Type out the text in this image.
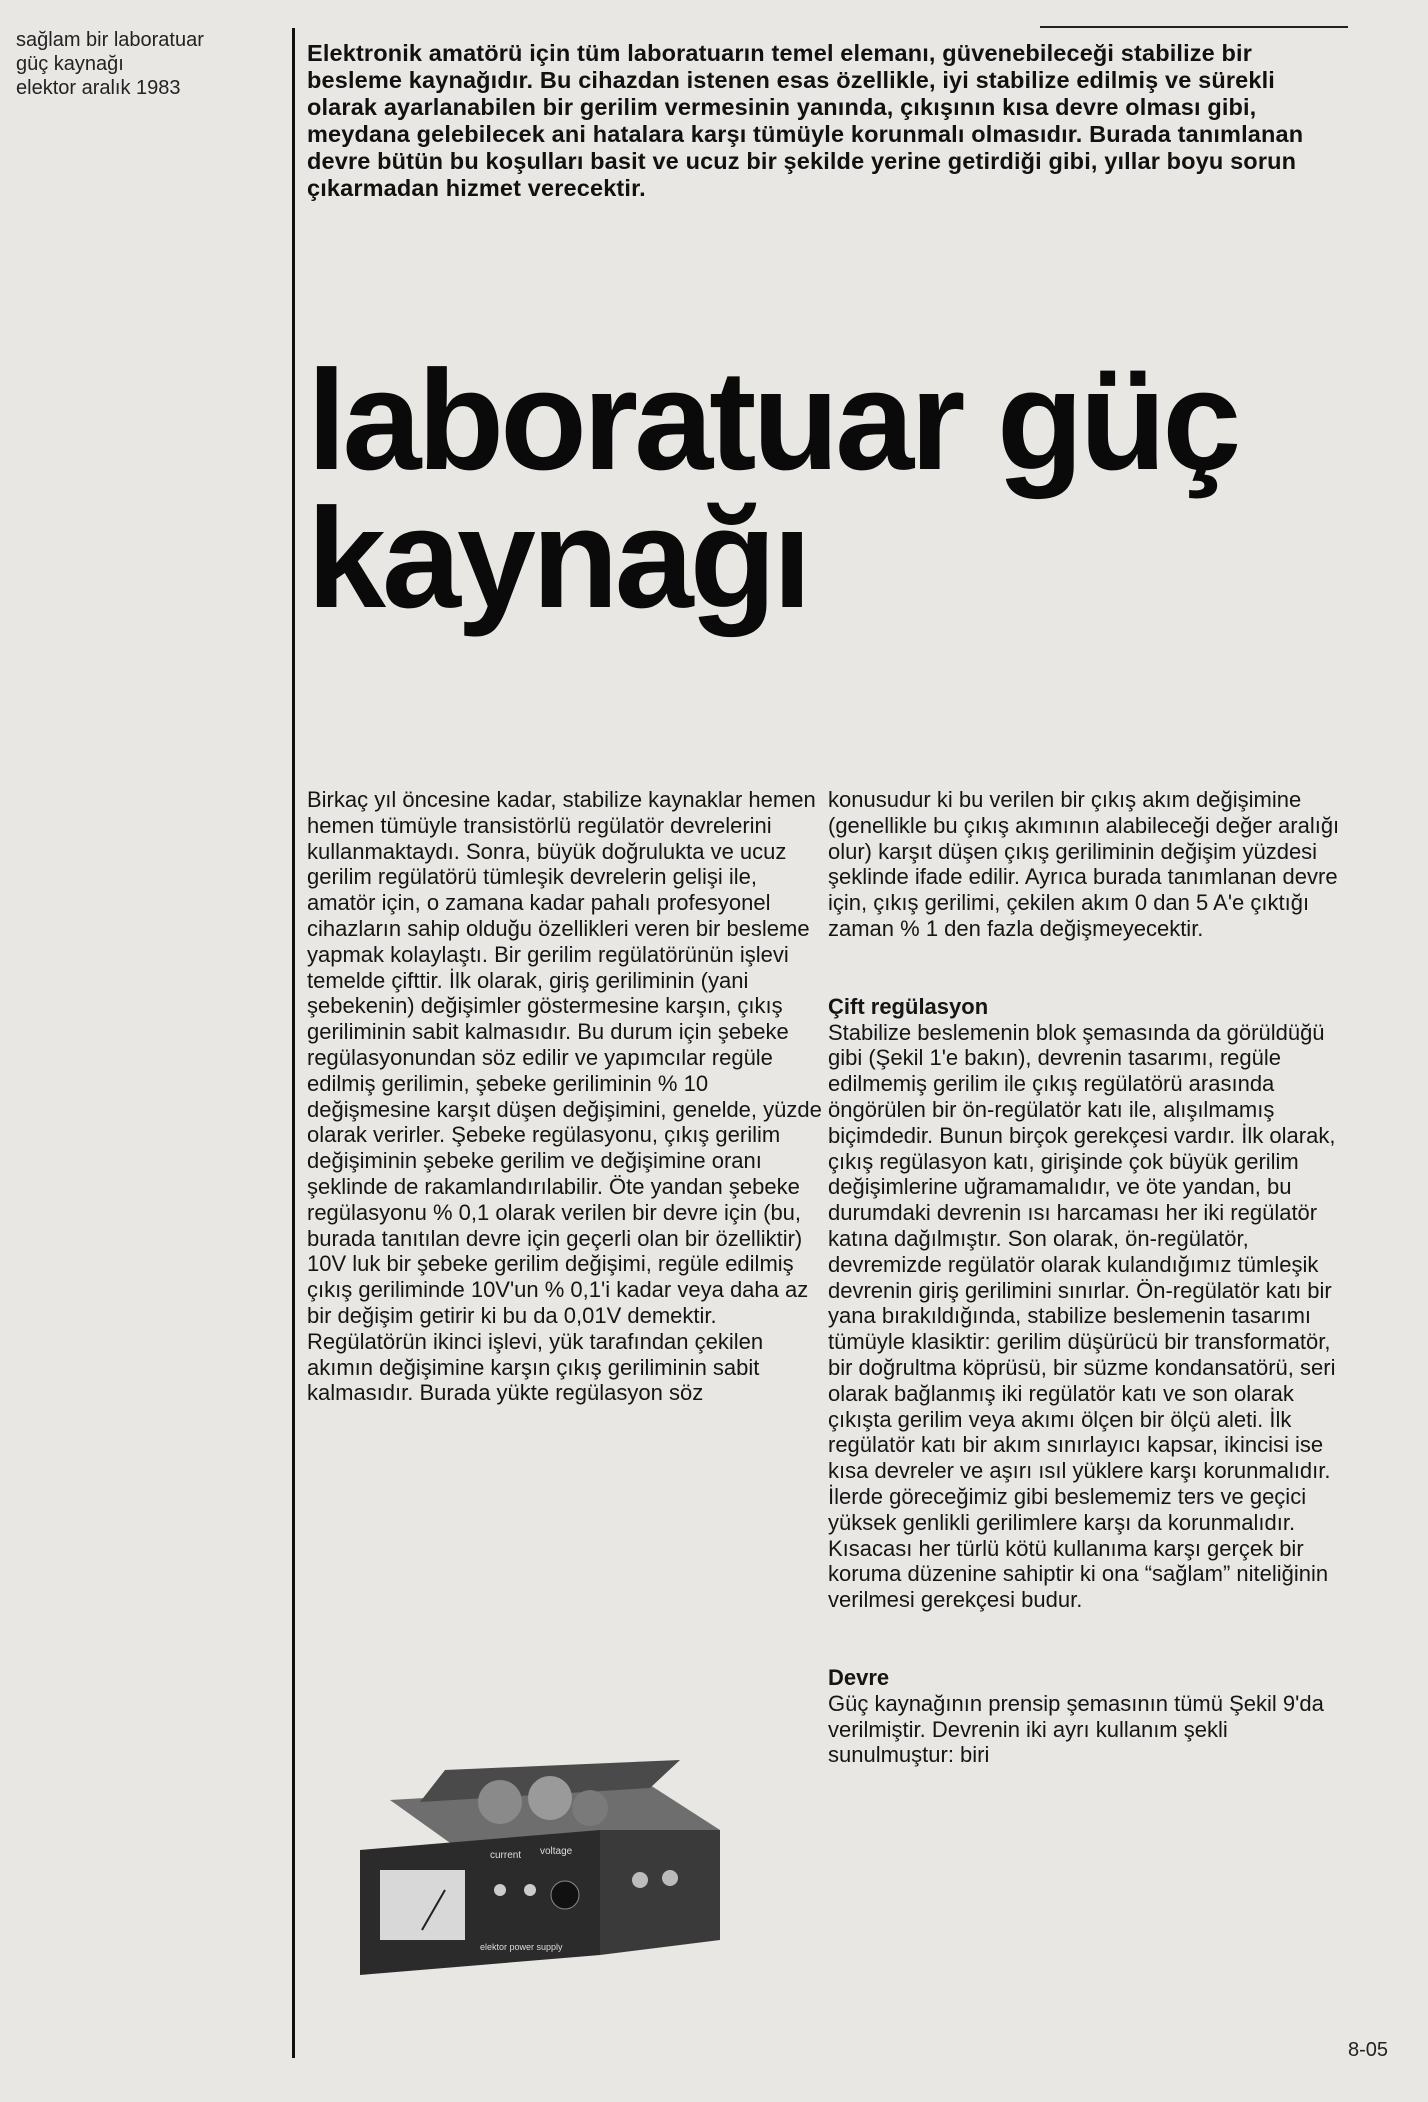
sağlam bir laboratuar
güç kaynağı
elektor aralık 1983
Elektronik amatörü için tüm laboratuarın temel elemanı, güvenebileceği stabilize bir besleme kaynağıdır. Bu cihazdan istenen esas özellikle, iyi stabilize edilmiş ve sürekli olarak ayarlanabilen bir gerilim vermesinin yanında, çıkışının kısa devre olması gibi, meydana gelebilecek ani hatalara karşı tümüyle korunmalı olmasıdır. Burada tanımlanan devre bütün bu koşulları basit ve ucuz bir şekilde yerine getirdiği gibi, yıllar boyu sorun çıkarmadan hizmet verecektir.
laboratuar güç
kaynağı

Birkaç yıl öncesine kadar, stabilize kaynaklar hemen hemen tümüyle transistörlü regülatör devrelerini kullanmaktaydı. Sonra, büyük doğrulukta ve ucuz gerilim regülatörü tümleşik devrelerin gelişi ile, amatör için, o zamana kadar pahalı profesyonel cihazların sahip olduğu özellikleri veren bir besleme yapmak kolaylaştı. Bir gerilim regülatörünün işlevi temelde çifttir. İlk olarak, giriş geriliminin (yani şebekenin) değişimler göstermesine karşın, çıkış geriliminin sabit kalmasıdır. Bu durum için şebeke regülasyonundan söz edilir ve yapımcılar regüle edilmiş gerilimin, şebeke geriliminin % 10 değişmesine karşıt düşen değişimini, genelde, yüzde olarak verirler. Şebeke regülasyonu, çıkış gerilim değişiminin şebeke gerilim ve değişimine oranı şeklinde de rakamlandırılabilir. Öte yandan şebeke regülasyonu % 0,1 olarak verilen bir devre için (bu, burada tanıtılan devre için geçerli olan bir özelliktir) 10V luk bir şebeke gerilim değişimi, regüle edilmiş çıkış geriliminde 10V'un % 0,1'i kadar veya daha az bir değişim getirir ki bu da 0,01V demektir. Regülatörün ikinci işlevi, yük tarafından çekilen akımın değişimine karşın çıkış geriliminin sabit kalmasıdır. Burada yükte regülasyon söz

konusudur ki bu verilen bir çıkış akım değişimine (genellikle bu çıkış akımının alabileceği değer aralığı olur) karşıt düşen çıkış geriliminin değişim yüzdesi şeklinde ifade edilir. Ayrıca burada tanımlanan devre için, çıkış gerilimi, çekilen akım 0 dan 5 A'e çıktığı zaman % 1 den fazla değişmeyecektir.

Çift regülasyon

Stabilize beslemenin blok şemasında da görüldüğü gibi (Şekil 1'e bakın), devrenin tasarımı, regüle edilmemiş gerilim ile çıkış regülatörü arasında öngörülen bir ön-regülatör katı ile, alışılmamış biçimdedir. Bunun birçok gerekçesi vardır. İlk olarak, çıkış regülasyon katı, girişinde çok büyük gerilim değişimlerine uğramamalıdır, ve öte yandan, bu durumdaki devrenin ısı harcaması her iki regülatör katına dağılmıştır. Son olarak, ön-regülatör, devremizde regülatör olarak kulandığımız tümleşik devrenin giriş gerilimini sınırlar. Ön-regülatör katı bir yana bırakıldığında, stabilize beslemenin tasarımı tümüyle klasiktir: gerilim düşürücü bir transformatör, bir doğrultma köprüsü, bir süzme kondansatörü, seri olarak bağlanmış iki regülatör katı ve son olarak çıkışta gerilim veya akımı ölçen bir ölçü aleti. İlk regülatör katı bir akım sınırlayıcı kapsar, ikincisi ise kısa devreler ve aşırı ısıl yüklere karşı korunmalıdır. İlerde göreceğimiz gibi beslememiz ters ve geçici yüksek genlikli gerilimlere karşı da korunmalıdır. Kısacası her türlü kötü kullanıma karşı gerçek bir koruma düzenine sahiptir ki ona “sağlam” niteliğinin verilmesi gerekçesi budur.

Devre

Güç kaynağının prensip şemasının tümü Şekil 9'da verilmiştir. Devrenin iki ayrı kullanım şekli sunulmuştur: biri

current voltage
elektor power supply
8-05
